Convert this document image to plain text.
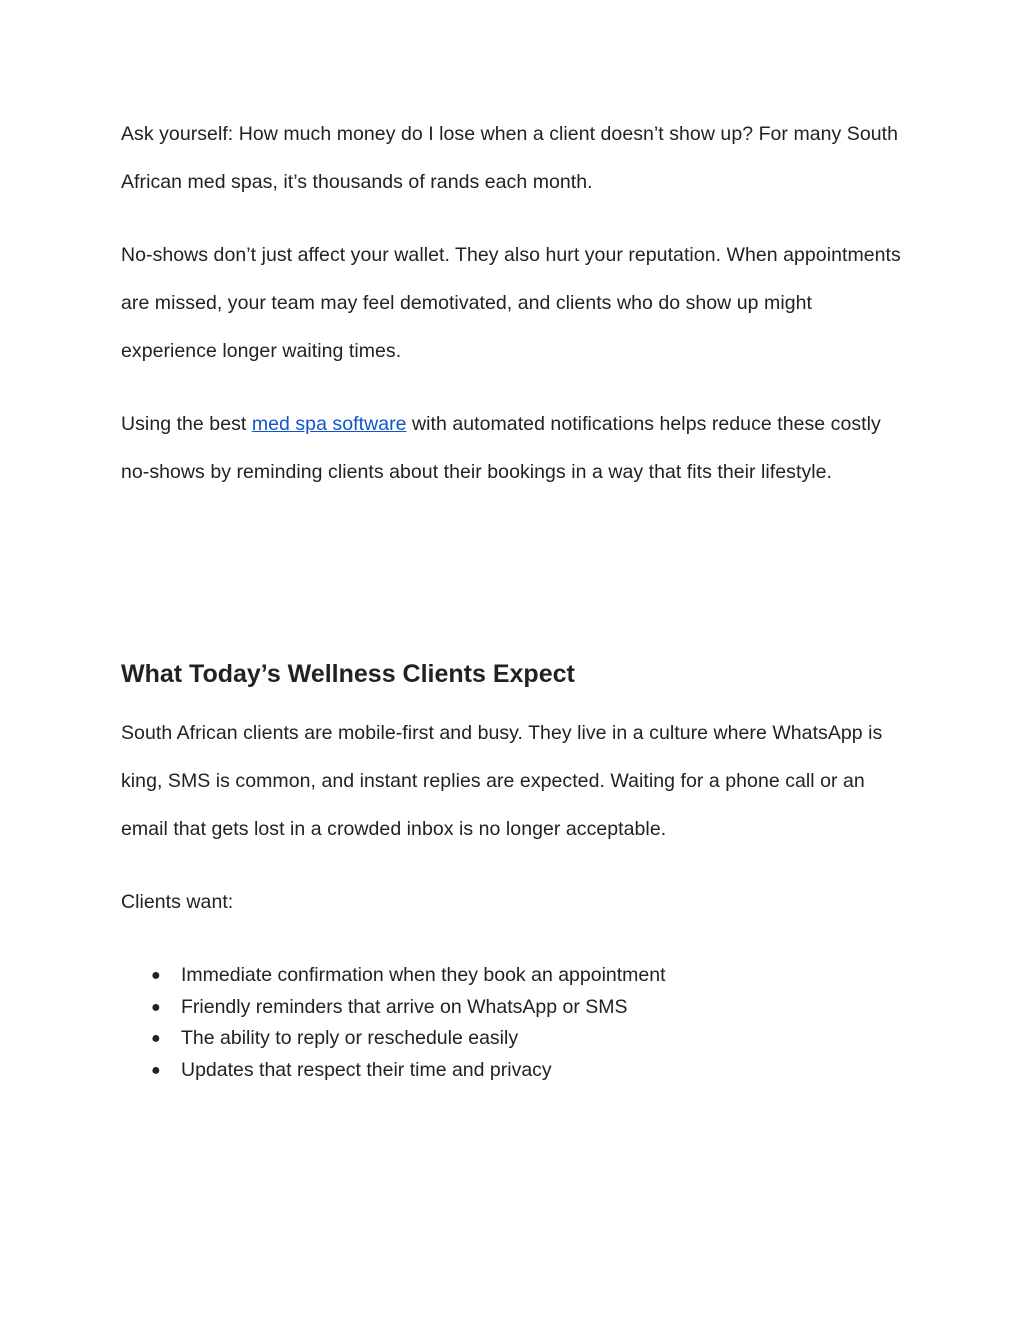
Ask yourself: How much money do I lose when a client doesn’t show up? For many South African med spas, it’s thousands of rands each month.

No-shows don’t just affect your wallet. They also hurt your reputation. When appointments are missed, your team may feel demotivated, and clients who do show up might experience longer waiting times.

Using the best med spa software with automated notifications helps reduce these costly no-shows by reminding clients about their bookings in a way that fits their lifestyle.

What Today’s Wellness Clients Expect

South African clients are mobile-first and busy. They live in a culture where WhatsApp is king, SMS is common, and instant replies are expected. Waiting for a phone call or an email that gets lost in a crowded inbox is no longer acceptable.

Clients want:

● Immediate confirmation when they book an appointment
● Friendly reminders that arrive on WhatsApp or SMS
● The ability to reply or reschedule easily
● Updates that respect their time and privacy
